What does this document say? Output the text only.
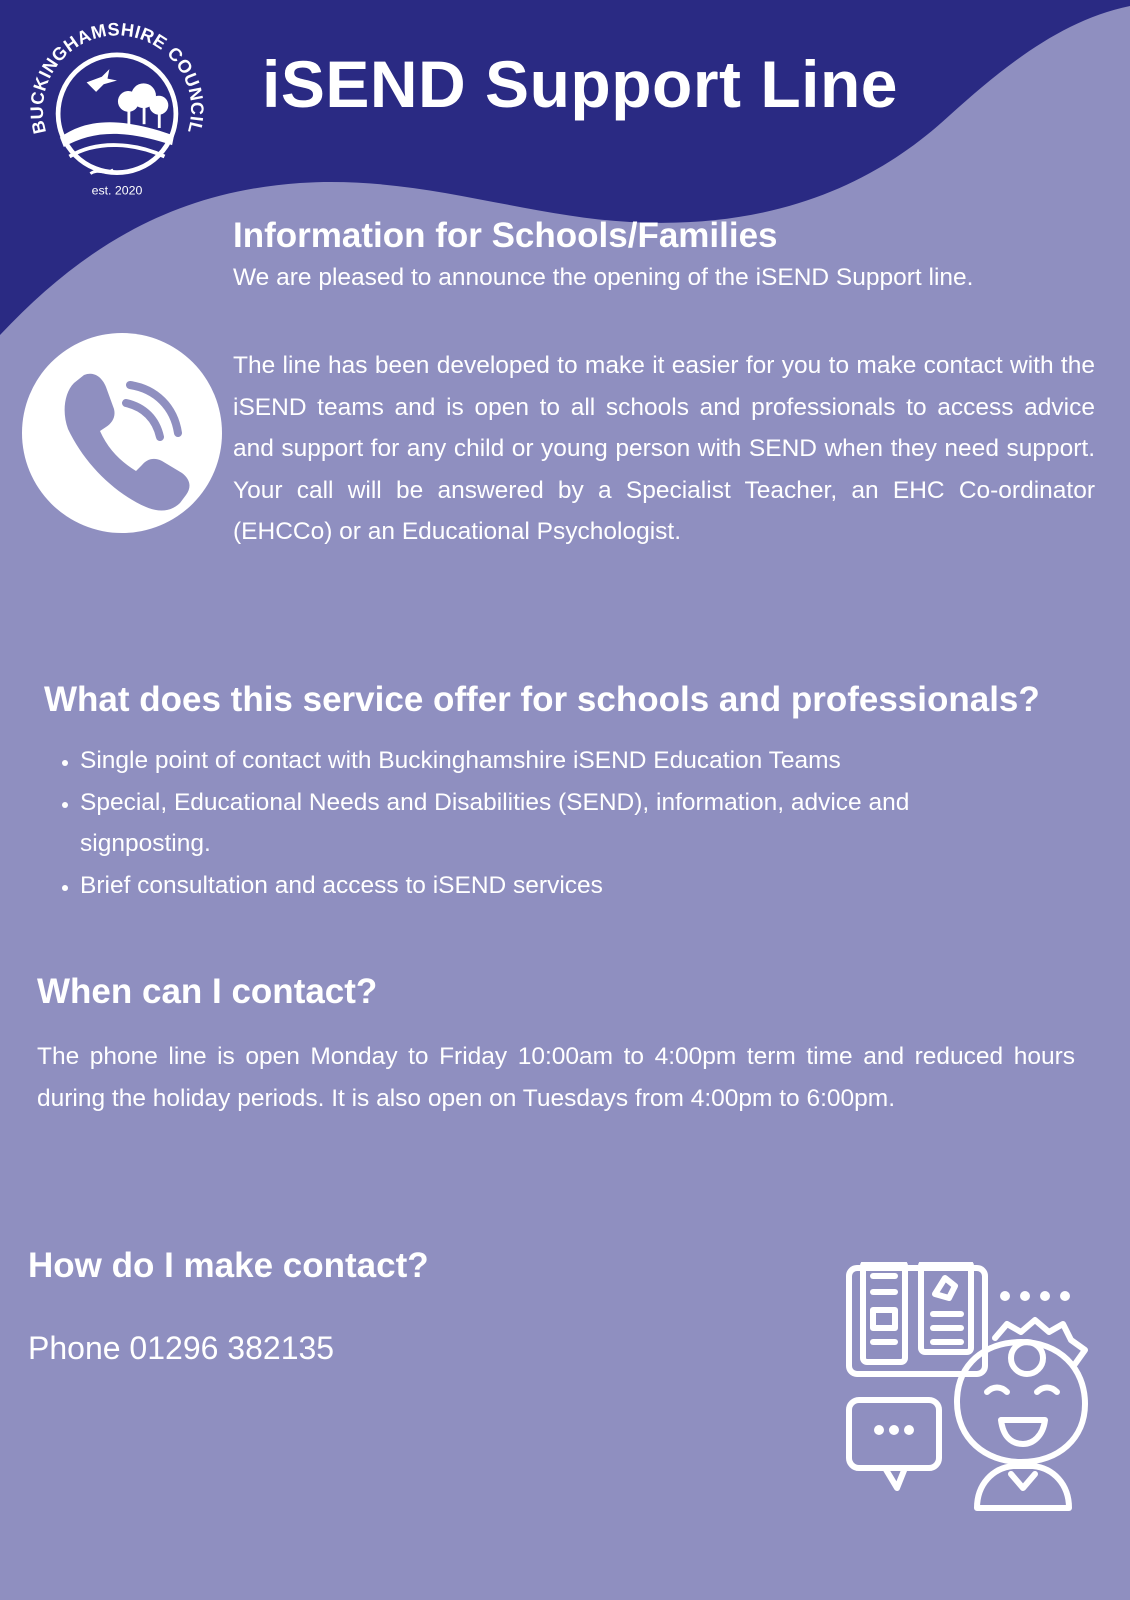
BUCKINGHAMSHIRE COUNCIL
est. 2020
iSEND Support Line
Information for Schools/Families

We are pleased to announce the opening of the iSEND Support line.

The line has been developed to make it easier for you to make contact with the iSEND teams and is open to all schools and professionals to access advice and support for any child or young person with SEND when they need support. Your call will be answered by a Specialist Teacher, an EHC Co-ordinator (EHCCo) or an Educational Psychologist.

What does this service offer for schools and professionals?
• Single point of contact with Buckinghamshire iSEND Education Teams
• Special, Educational Needs and Disabilities (SEND), information, advice and signposting.
• Brief consultation and access to iSEND services
When can I contact?

The phone line is open Monday to Friday 10:00am to 4:00pm term time and reduced hours during the holiday periods. It is also open on Tuesdays from 4:00pm to 6:00pm.

How do I make contact?

Phone 01296 382135
